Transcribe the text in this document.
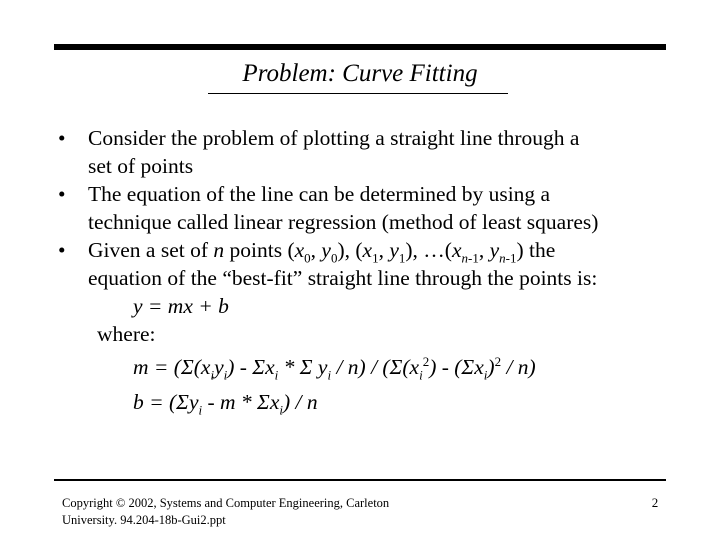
Problem: Curve Fitting
• Consider the problem of plotting a straight line through a
set of points
• The equation of the line can be determined by using a
technique called linear regression (method of least squares)
• Given a set of n points ($x_0$, $y_0$), ($x_1$, $y_1$), $\dots(x_{n-1}$, $y_{n-1}$) the
equation of the “best-fit” straight line through the points is:
y = mx + b
where:
$m = (\Sigma(x_iy_i) - \Sigma x_i * \Sigma$ $y_i / n) / (\Sigma(x_i^2) - (\Sigma x_i)^2 / n)$
$b = (\Sigma y_i - m * \Sigma x_i) / n$
Copyright © 2002, Systems and Computer Engineering, Carleton
University. 94.204-18b-Gui2.ppt
2
